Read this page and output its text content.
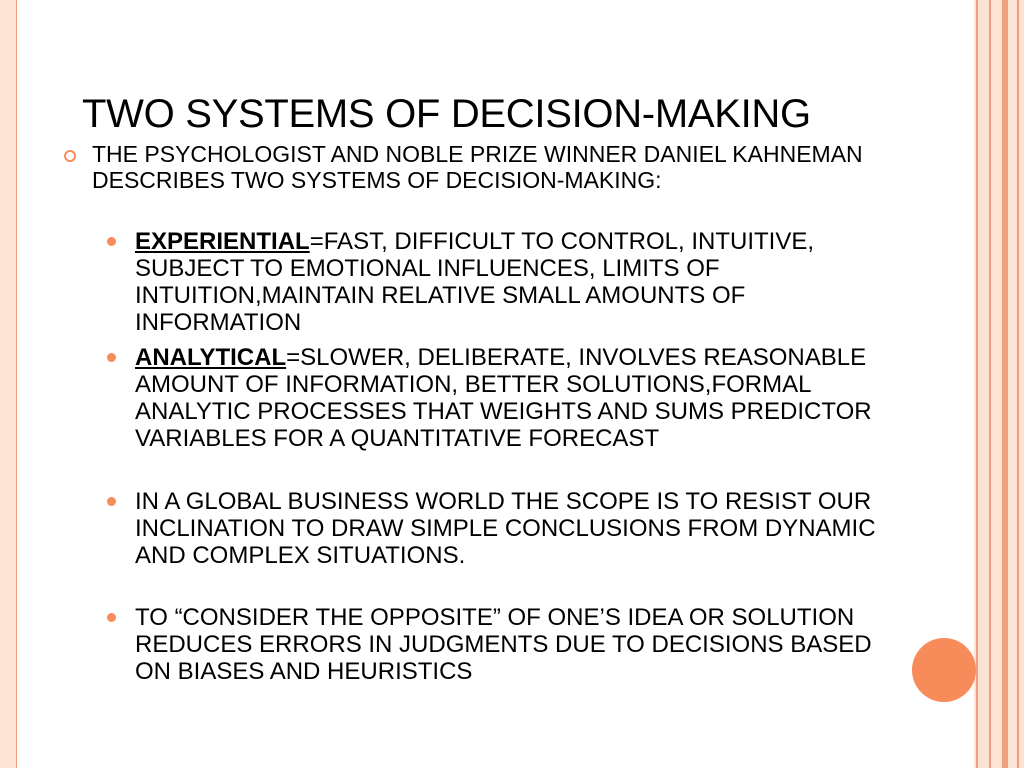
TWO SYSTEMS OF DECISION-MAKING
THE PSYCHOLOGIST AND NOBLE PRIZE WINNER DANIEL KAHNEMAN DESCRIBES TWO SYSTEMS OF DECISION-MAKING:
EXPERIENTIAL=FAST, DIFFICULT TO CONTROL, INTUITIVE, SUBJECT TO EMOTIONAL INFLUENCES, LIMITS OF INTUITION,MAINTAIN RELATIVE SMALL AMOUNTS OF INFORMATION
ANALYTICAL=SLOWER, DELIBERATE, INVOLVES REASONABLE AMOUNT OF INFORMATION, BETTER SOLUTIONS,FORMAL ANALYTIC PROCESSES THAT WEIGHTS AND SUMS PREDICTOR VARIABLES FOR A QUANTITATIVE FORECAST
IN A GLOBAL BUSINESS WORLD THE SCOPE IS TO RESIST OUR INCLINATION TO DRAW SIMPLE CONCLUSIONS FROM DYNAMIC AND COMPLEX SITUATIONS.
TO “CONSIDER THE OPPOSITE” OF ONE’S IDEA OR SOLUTION REDUCES ERRORS IN JUDGMENTS DUE TO DECISIONS BASED ON BIASES AND HEURISTICS
